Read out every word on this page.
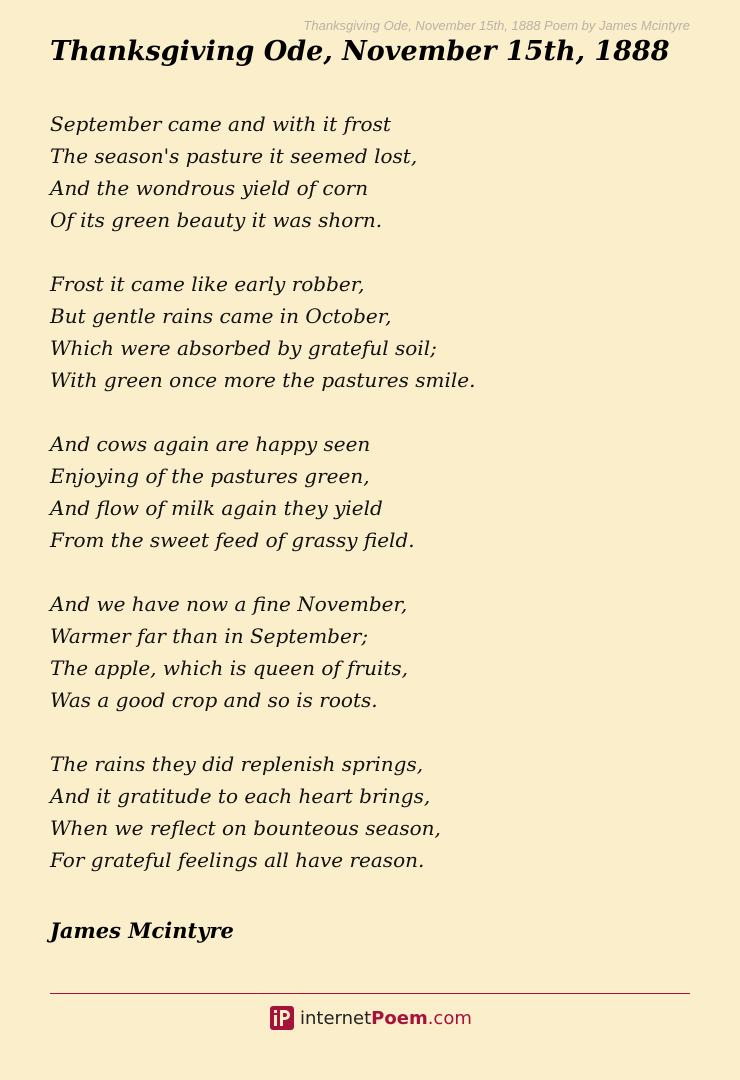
Thanksgiving Ode, November 15th, 1888 Poem by James Mcintyre
Thanksgiving Ode, November 15th, 1888
September came and with it frost
The season's pasture it seemed lost,
And the wondrous yield of corn
Of its green beauty it was shorn.
Frost it came like early robber,
But gentle rains came in October,
Which were absorbed by grateful soil;
With green once more the pastures smile.
And cows again are happy seen
Enjoying of the pastures green,
And flow of milk again they yield
From the sweet feed of grassy field.
And we have now a fine November,
Warmer far than in September;
The apple, which is queen of fruits,
Was a good crop and so is roots.
The rains they did replenish springs,
And it gratitude to each heart brings,
When we reflect on bounteous season,
For grateful feelings all have reason.
James Mcintyre
internetPoem.com
